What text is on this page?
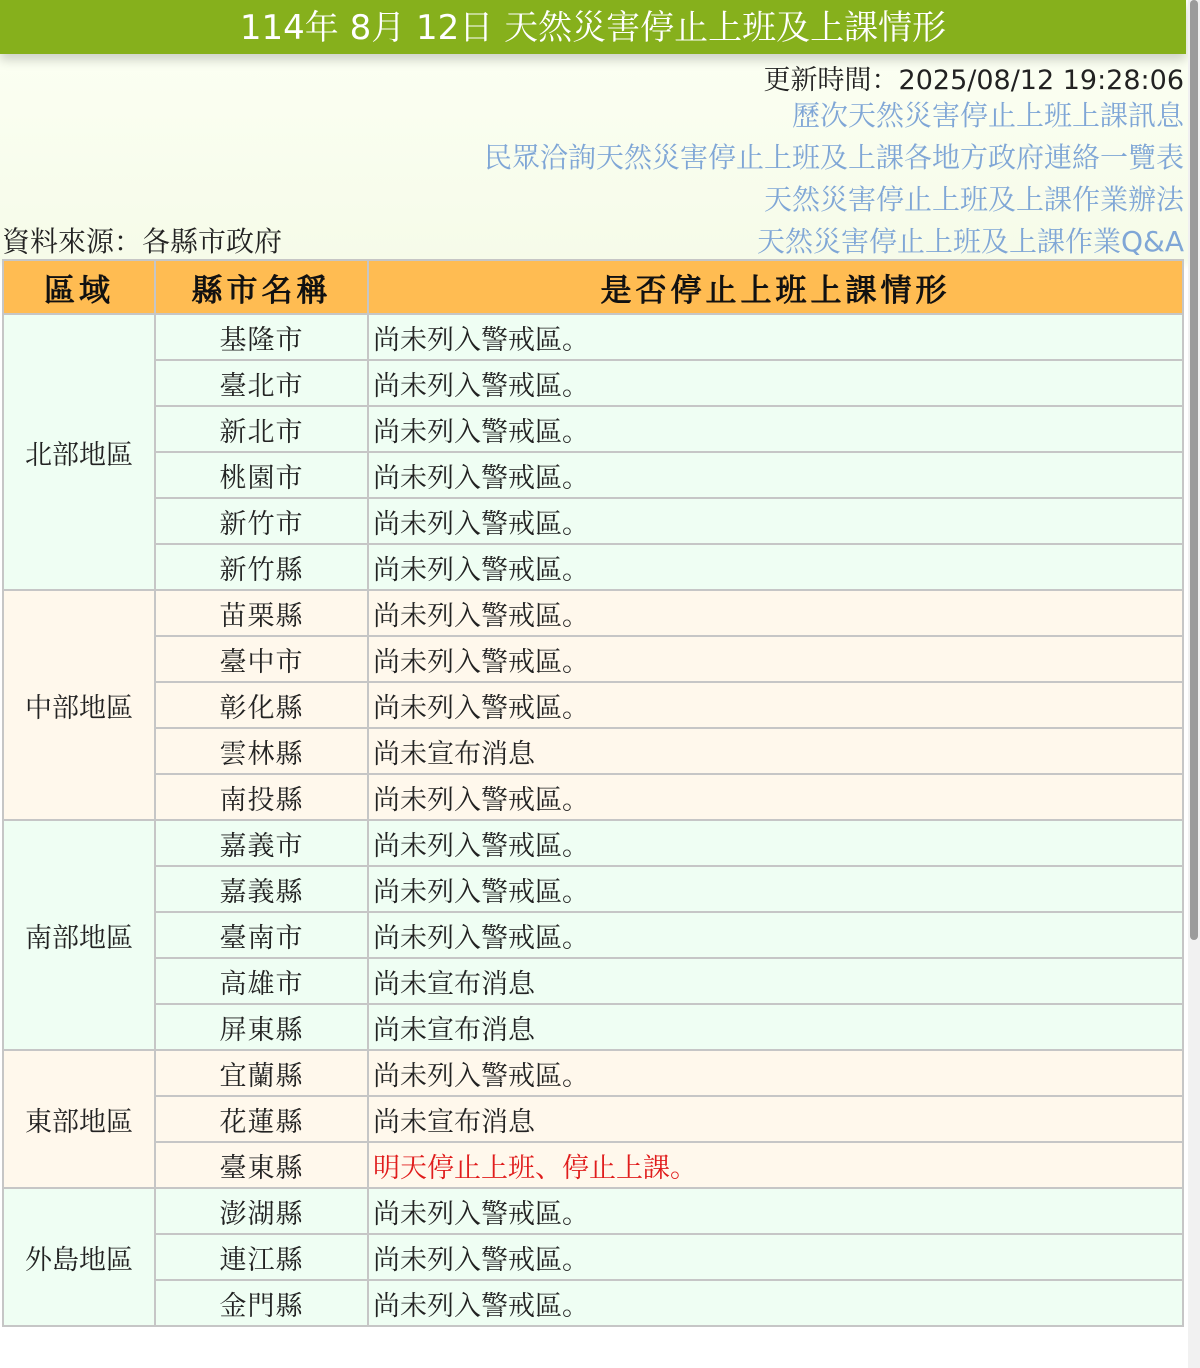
114年 8月 12日 天然災害停止上班及上課情形
更新時間：2025/08/12 19:28:06
歷次天然災害停止上班上課訊息
民眾洽詢天然災害停止上班及上課各地方政府連絡一覽表
天然災害停止上班及上課作業辦法
天然災害停止上班及上課作業Q&A
資料來源：各縣市政府
區域	縣市名稱	是否停止上班上課情形
北部地區	基隆市	尚未列入警戒區。
	臺北市	尚未列入警戒區。
	新北市	尚未列入警戒區。
	桃園市	尚未列入警戒區。
	新竹市	尚未列入警戒區。
	新竹縣	尚未列入警戒區。
中部地區	苗栗縣	尚未列入警戒區。
	臺中市	尚未列入警戒區。
	彰化縣	尚未列入警戒區。
	雲林縣	尚未宣布消息
	南投縣	尚未列入警戒區。
南部地區	嘉義市	尚未列入警戒區。
	嘉義縣	尚未列入警戒區。
	臺南市	尚未列入警戒區。
	高雄市	尚未宣布消息
	屏東縣	尚未宣布消息
東部地區	宜蘭縣	尚未列入警戒區。
	花蓮縣	尚未宣布消息
	臺東縣	明天停止上班、停止上課。
外島地區	澎湖縣	尚未列入警戒區。
	連江縣	尚未列入警戒區。
	金門縣	尚未列入警戒區。
